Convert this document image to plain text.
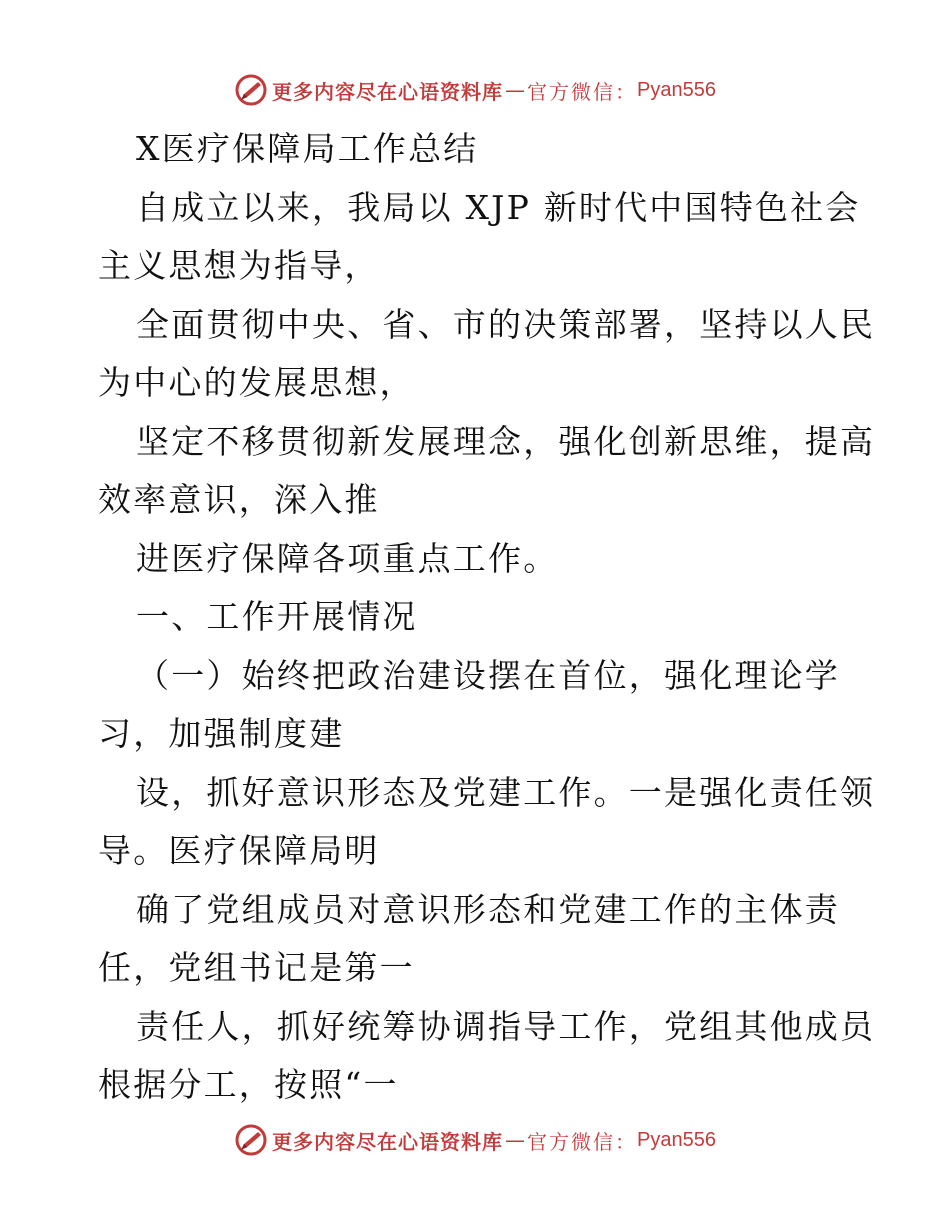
更多内容尽在心语资料库 — 官方微信： Pyan556
X医疗保障局工作总结
自成立以来，我局以 XJP 新时代中国特色社会
主义思想为指导，
全面贯彻中央、省、市的决策部署，坚持以人民
为中心的发展思想，
坚定不移贯彻新发展理念，强化创新思维，提高
效率意识，深入推
进医疗保障各项重点工作。
一、工作开展情况
（一）始终把政治建设摆在首位，强化理论学
习，加强制度建
设，抓好意识形态及党建工作。一是强化责任领
导。医疗保障局明
确了党组成员对意识形态和党建工作的主体责
任，党组书记是第一
责任人，抓好统筹协调指导工作，党组其他成员
根据分工，按照“一
更多内容尽在心语资料库 — 官方微信： Pyan556
